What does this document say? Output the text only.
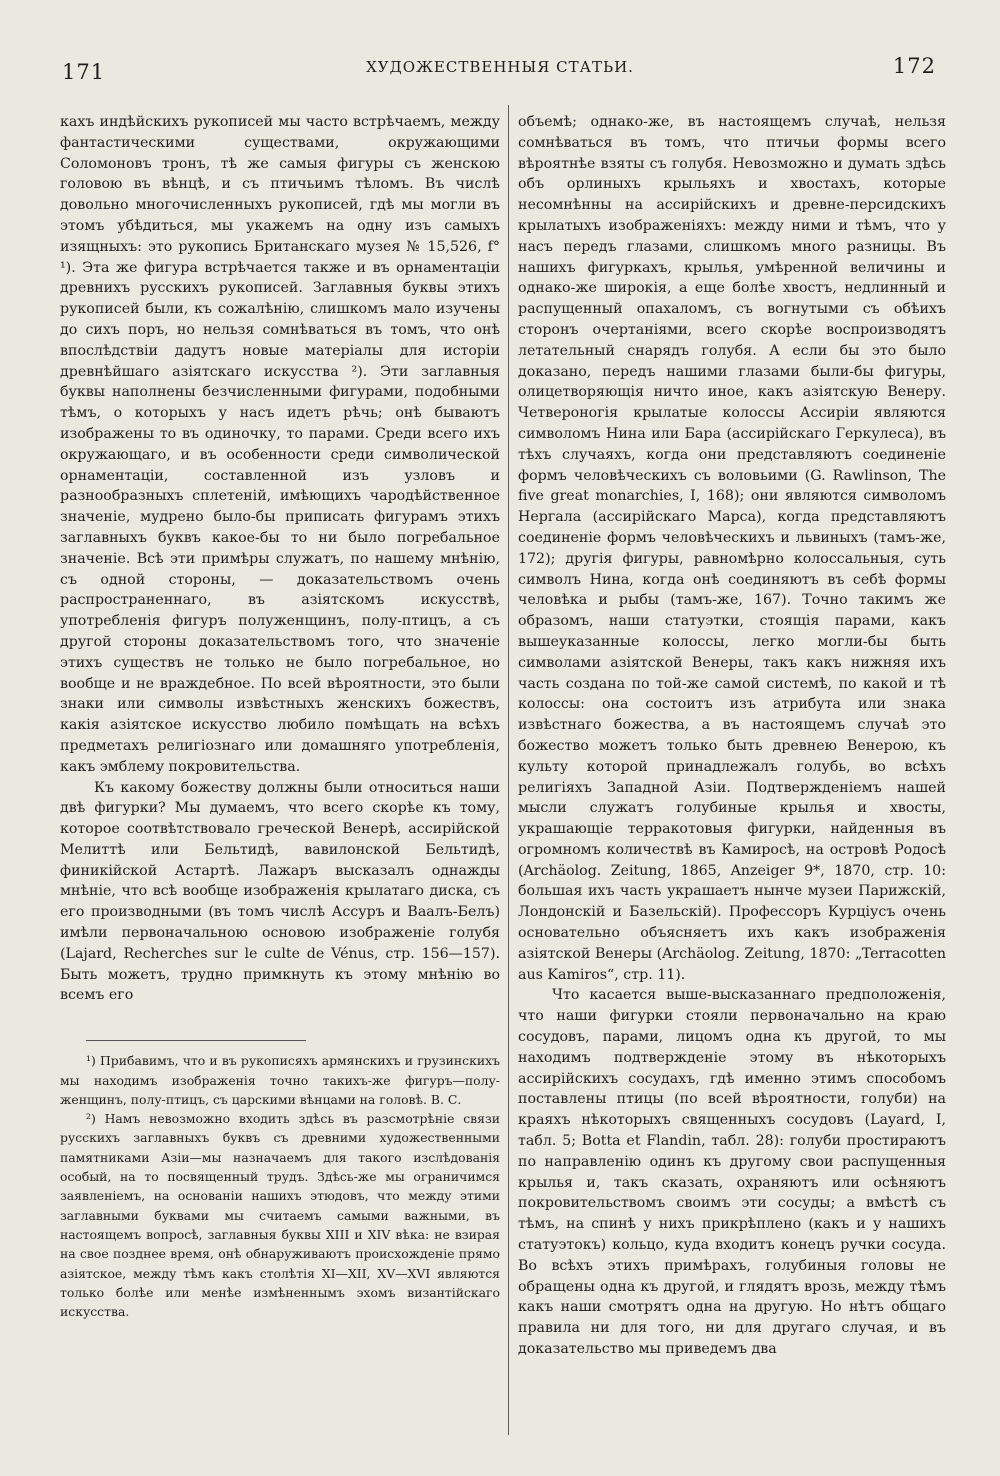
171	ХУДОЖЕСТВЕННЫЯ СТАТЬИ.	172

кахъ индѣйскихъ рукописей мы часто встрѣчаемъ, между фантастическими существами, окружающими Соломоновъ тронъ, тѣ же самыя фигуры съ женскою головою въ вѣнцѣ, и съ птичьимъ тѣломъ. Въ числѣ довольно многочисленныхъ рукописей, гдѣ мы могли въ этомъ убѣдиться, мы укажемъ на одну изъ самыхъ изящныхъ: это рукопись Британскаго музея № 15,526, f° ¹). Эта же фигура встрѣчается также и въ орнаментаціи древнихъ русскихъ рукописей. Заглавныя буквы этихъ рукописей были, къ сожалѣнію, слишкомъ мало изучены до сихъ поръ, но нельзя сомнѣваться въ томъ, что онѣ впослѣдствіи дадутъ новые матеріалы для исторіи древнѣйшаго азіятскаго искусства ²). Эти заглавныя буквы наполнены безчисленными фигурами, подобными тѣмъ, о которыхъ у насъ идетъ рѣчь; онѣ бываютъ изображены то въ одиночку, то парами. Среди всего ихъ окружающаго, и въ особенности среди символической орнаментаціи, составленной изъ узловъ и разнообразныхъ сплетеній, имѣющихъ чародѣйственное значеніе, мудрено было-бы приписать фигурамъ этихъ заглавныхъ буквъ какое-бы то ни было погребальное значеніе. Всѣ эти примѣры служатъ, по нашему мнѣнію, съ одной стороны, — доказательствомъ очень распространеннаго, въ азіятскомъ искусствѣ, употребленія фигуръ полуженщинъ, полу-птицъ, а съ другой стороны доказательствомъ того, что значеніе этихъ существъ не только не было погребальное, но вообще и не враждебное. По всей вѣроятности, это были знаки или символы извѣстныхъ женскихъ божествъ, какія азіятское искусство любило помѣщать на всѣхъ предметахъ религіознаго или домашняго употребленія, какъ эмблему покровительства.

Къ какому божеству должны были относиться наши двѣ фигурки? Мы думаемъ, что всего скорѣе къ тому, которое соотвѣтствовало греческой Венерѣ, ассирійской Мелиттѣ или Бельтидѣ, вавилонской Бельтидѣ, финикійской Астартѣ. Лажаръ высказалъ однажды мнѣніе, что всѣ вообще изображенія крылатаго диска, съ его производными (въ томъ числѣ Ассуръ и Ваалъ-Белъ) имѣли первоначальною основою изображеніе голубя (Lajard, Recherches sur le culte de Vénus, стр. 156—157). Быть можетъ, трудно примкнуть къ этому мнѣнію во всемъ его

¹) Прибавимъ, что и въ рукописяхъ армянскихъ и грузинскихъ мы находимъ изображенія точно такихъ-же фигуръ—полу-женщинъ, полу-птицъ, съ царскими вѣнцами на головѣ. В. С.

²) Намъ невозможно входить здѣсь въ разсмотрѣніе связи русскихъ заглавныхъ буквъ съ древними художественными памятниками Азіи—мы назначаемъ для такого изслѣдованія особый, на то посвященный трудъ. Здѣсь-же мы ограничимся заявленіемъ, на основаніи нашихъ этюдовъ, что между этими заглавными буквами мы считаемъ самыми важными, въ настоящемъ вопросѣ, заглавныя буквы XIII и XIV вѣка: не взирая на свое позднее время, онѣ обнаруживаютъ происхожденіе прямо азіятское, между тѣмъ какъ столѣтія XI—XII, XV—XVI являются только болѣе или менѣе измѣненнымъ эхомъ византійскаго искусства.

объемѣ; однако-же, въ настоящемъ случаѣ, нельзя сомнѣваться въ томъ, что птичьи формы всего вѣроятнѣе взяты съ голубя. Невозможно и думать здѣсь объ орлиныхъ крыльяхъ и хвостахъ, которые несомнѣнны на ассирійскихъ и древне-персидскихъ крылатыхъ изображеніяхъ: между ними и тѣмъ, что у насъ передъ глазами, слишкомъ много разницы. Въ нашихъ фигуркахъ, крылья, умѣренной величины и однако-же широкія, а еще болѣе хвостъ, недлинный и распущенный опахаломъ, съ вогнутыми съ обѣихъ сторонъ очертаніями, всего скорѣе воспроизводятъ летательный снарядъ голубя. А если бы это было доказано, передъ нашими глазами были-бы фигуры, олицетворяющія ничто иное, какъ азіятскую Венеру. Четвероногія крылатые колоссы Ассиріи являются символомъ Нина или Бара (ассирійскаго Геркулеса), въ тѣхъ случаяхъ, когда они представляютъ соединеніе формъ человѣческихъ съ воловьими (G. Rawlinson, The five great monarchies, I, 168); они являются символомъ Нергала (ассирійскаго Марса), когда представляютъ соединеніе формъ человѣческихъ и львиныхъ (тамъ-же, 172); другія фигуры, равномѣрно колоссальныя, суть символъ Нина, когда онѣ соединяютъ въ себѣ формы человѣка и рыбы (тамъ-же, 167). Точно такимъ же образомъ, наши статуэтки, стоящія парами, какъ вышеуказанные колоссы, легко могли-бы быть символами азіятской Венеры, такъ какъ нижняя ихъ часть создана по той-же самой системѣ, по какой и тѣ колоссы: она состоитъ изъ атрибута или знака извѣстнаго божества, а въ настоящемъ случаѣ это божество можетъ только быть древнею Венерою, къ культу которой принадлежалъ голубь, во всѣхъ религіяхъ Западной Азіи. Подтвержденіемъ нашей мысли служатъ голубиные крылья и хвосты, украшающіе терракотовыя фигурки, найденныя въ огромномъ количествѣ въ Камиросѣ, на островѣ Родосѣ (Archäolog. Zeitung, 1865, Anzeiger 9*, 1870, стр. 10: большая ихъ часть украшаетъ нынче музеи Парижскій, Лондонскій и Базельскій). Профессоръ Курціусъ очень основательно объясняетъ ихъ какъ изображенія азіятской Венеры (Archäolog. Zeitung, 1870: „Terracotten aus Kamiros“, стр. 11).

Что касается выше-высказаннаго предположенія, что наши фигурки стояли первоначально на краю сосудовъ, парами, лицомъ одна къ другой, то мы находимъ подтвержденіе этому въ нѣкоторыхъ ассирійскихъ сосудахъ, гдѣ именно этимъ способомъ поставлены птицы (по всей вѣроятности, голуби) на краяхъ нѣкоторыхъ священныхъ сосудовъ (Layard, I, табл. 5; Botta et Flandin, табл. 28): голуби простираютъ по направленію одинъ къ другому свои распущенныя крылья и, такъ сказать, охраняютъ или осѣняютъ покровительствомъ своимъ эти сосуды; а вмѣстѣ съ тѣмъ, на спинѣ у нихъ прикрѣплено (какъ и у нашихъ статуэтокъ) кольцо, куда входитъ конецъ ручки сосуда. Во всѣхъ этихъ примѣрахъ, голубиныя головы не обращены одна къ другой, и глядятъ врозь, между тѣмъ какъ наши смотрятъ одна на другую. Но нѣтъ общаго правила ни для того, ни для другаго случая, и въ доказательство мы приведемъ два
